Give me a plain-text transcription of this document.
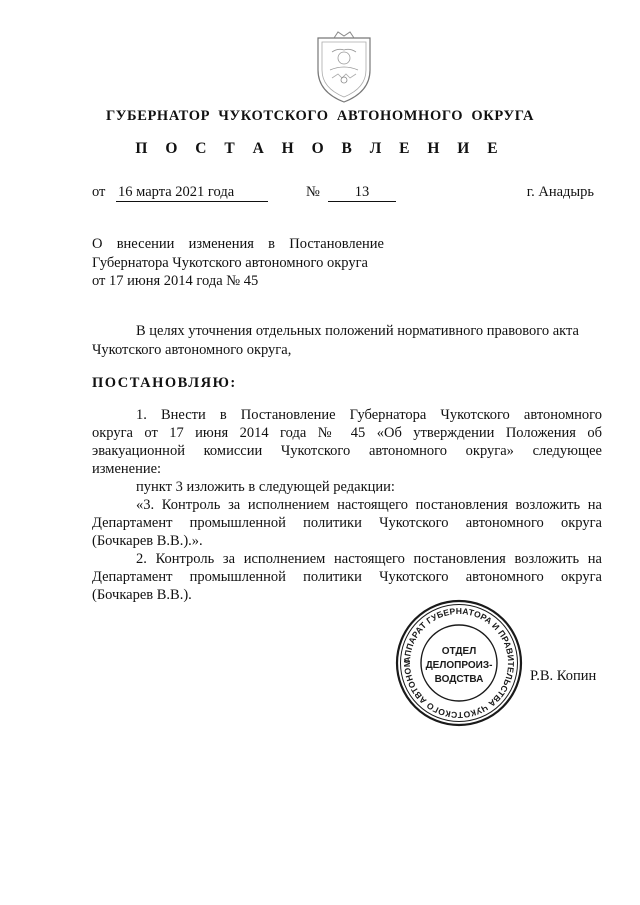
ГУБЕРНАТОР ЧУКОТСКОГО АВТОНОМНОГО ОКРУГА
П О С Т А Н О В Л Е Н И Е
от 16 марта 2021 года	№	13	г. Анадырь
О внесении изменения в Постановление
Губернатора Чукотского автономного округа
от 17 июня 2014 года № 45
В целях уточнения отдельных положений нормативного правового акта
Чукотского автономного округа,
ПОСТАНОВЛЯЮ:
1. Внести в Постановление Губернатора Чукотского автономного
округа от 17 июня 2014 года № 45 «Об утверждении Положения об
эвакуационной комиссии Чукотского автономного округа» следующее
изменение:
пункт 3 изложить в следующей редакции:
«3. Контроль за исполнением настоящего постановления возложить на
Департамент промышленной политики Чукотского автономного округа
(Бочкарев В.В.).».
2. Контроль за исполнением настоящего постановления возложить на
Департамент промышленной политики Чукотского автономного округа
(Бочкарев В.В.).
АППАРАТ ГУБЕРНАТОРА И ПРАВИТЕЛЬСТВА ЧУКОТСКОГО АВТОНОМ
ОТДЕЛ
ДЕЛОПРОИЗ-
ВОДСТВА	Р.В. Копин
